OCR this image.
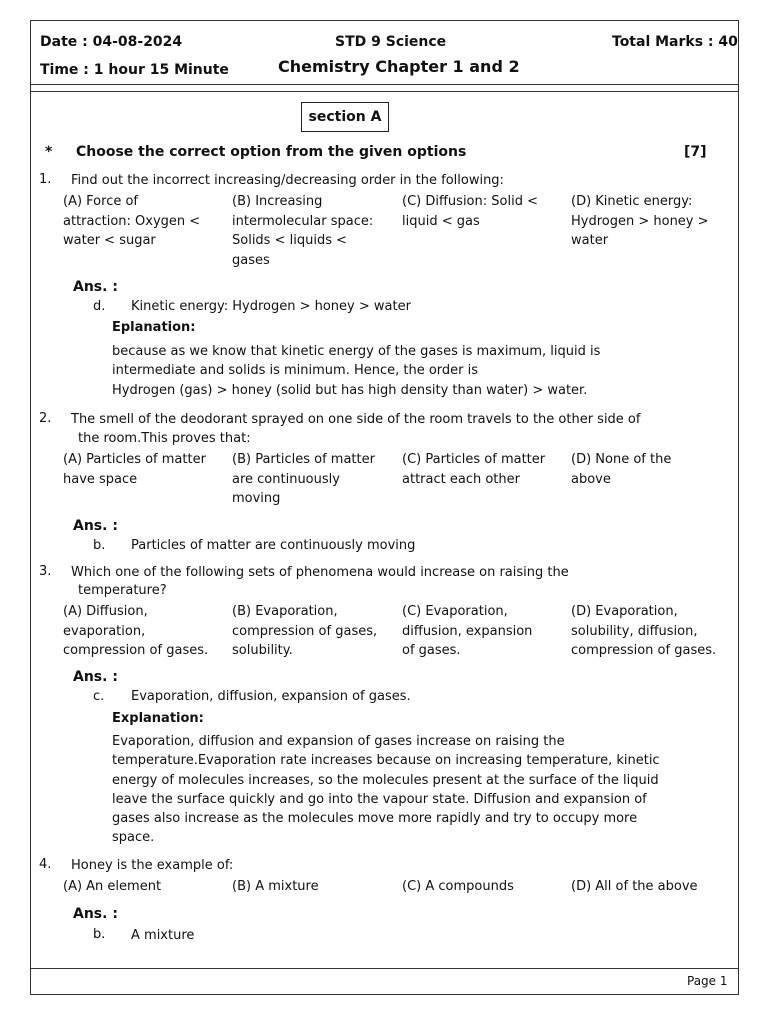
Date : 04-08-2024
Time : 1 hour 15 Minute
STD 9 Science
Chemistry Chapter 1 and 2
Total Marks : 40
section A
* Choose the correct option from the given options	[7]
1. Find out the incorrect increasing/decreasing order in the following:
(A) Force of
attraction: Oxygen <
water < sugar
(B) Increasing
intermolecular space:
Solids < liquids <
gases
(C) Diffusion: Solid <
liquid < gas
(D) Kinetic energy:
Hydrogen > honey >
water
Ans. :
d. Kinetic energy: Hydrogen > honey > water
Eplanation:
because as we know that kinetic energy of the gases is maximum, liquid is
intermediate and solids is minimum. Hence, the order is
Hydrogen (gas) > honey (solid but has high density than water) > water.
2. The smell of the deodorant sprayed on one side of the room travels to the other side of
the room.This proves that:
(A) Particles of matter
have space
(B) Particles of matter
are continuously
moving
(C) Particles of matter
attract each other
(D) None of the
above
Ans. :
b. Particles of matter are continuously moving
3. Which one of the following sets of phenomena would increase on raising the
temperature?
(A) Diffusion,
evaporation,
compression of gases.
(B) Evaporation,
compression of gases,
solubility.
(C) Evaporation,
diffusion, expansion
of gases.
(D) Evaporation,
solubility, diffusion,
compression of gases.
Ans. :
c. Evaporation, diffusion, expansion of gases.
Explanation:
Evaporation, diffusion and expansion of gases increase on raising the
temperature.Evaporation rate increases because on increasing temperature, kinetic
energy of molecules increases, so the molecules present at the surface of the liquid
leave the surface quickly and go into the vapour state. Diffusion and expansion of
gases also increase as the molecules move more rapidly and try to occupy more
space.
4. Honey is the example of:
(A) An element	(B) A mixture	(C) A compounds	(D) All of the above
Ans. :
b. A mixture
Page 1
